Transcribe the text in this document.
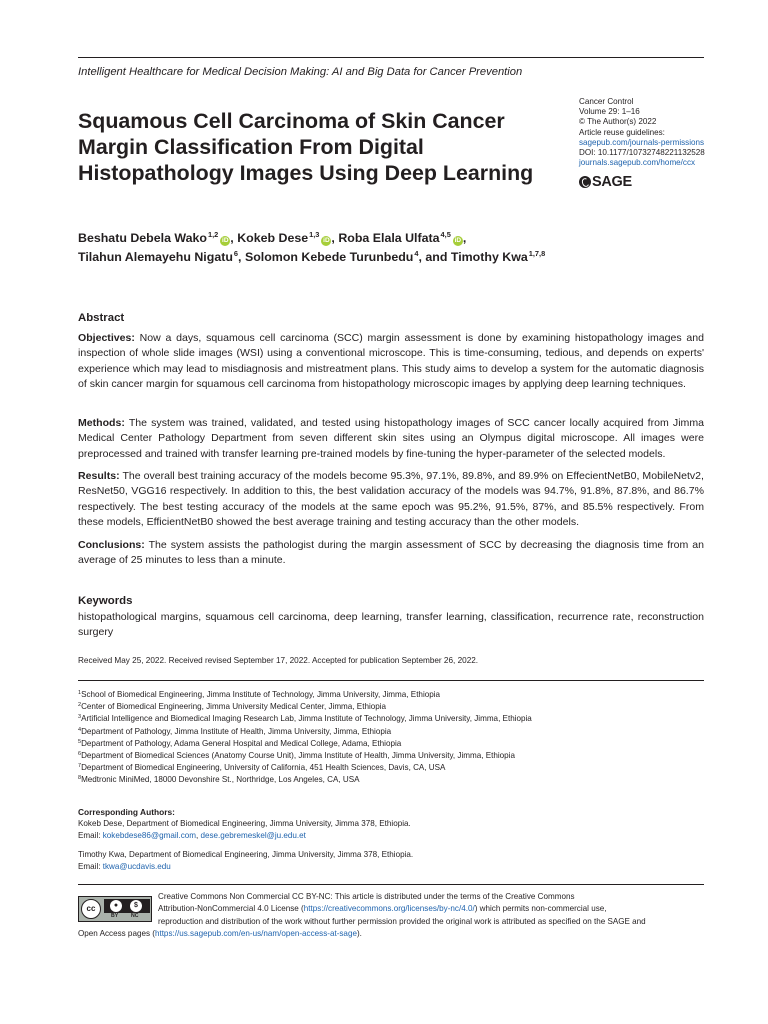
Intelligent Healthcare for Medical Decision Making: AI and Big Data for Cancer Prevention
Squamous Cell Carcinoma of Skin Cancer
Margin Classification From Digital
Histopathology Images Using Deep Learning
Cancer Control
Volume 29: 1–16
© The Author(s) 2022
Article reuse guidelines:
sagepub.com/journals-permissions
DOI: 10.1177/10732748221132528
journals.sagepub.com/home/ccx
SAGE
Beshatu Debela Wako$^{1,2}$iD , Kokeb Dese$^{1,3}$iD , Roba Elala Ulfata$^{4,5}$iD ,
Tilahun Alemayehu Nigatu$^6$, Solomon Kebede Turunbedu$^4$, and Timothy Kwa$^{1,7,8}$
Abstract
Objectives: Now a days, squamous cell carcinoma (SCC) margin assessment is done by examining histopathology images and inspection of whole slide images (WSI) using a conventional microscope. This is time-consuming, tedious, and depends on experts' experience which may lead to misdiagnosis and mistreatment plans. This study aims to develop a system for the automatic diagnosis of skin cancer margin for squamous cell carcinoma from histopathology microscopic images by applying deep learning techniques.
Methods: The system was trained, validated, and tested using histopathology images of SCC cancer locally acquired from Jimma Medical Center Pathology Department from seven different skin sites using an Olympus digital microscope. All images were preprocessed and trained with transfer learning pre-trained models by fine-tuning the hyper-parameter of the selected models.
Results: The overall best training accuracy of the models become 95.3%, 97.1%, 89.8%, and 89.9% on EffecientNetB0, MobileNetv2, ResNet50, VGG16 respectively. In addition to this, the best validation accuracy of the models was 94.7%, 91.8%, 87.8%, and 86.7% respectively. The best testing accuracy of the models at the same epoch was 95.2%, 91.5%, 87%, and 85.5% respectively. From these models, EfficientNetB0 showed the best average training and testing accuracy than the other models.
Conclusions: The system assists the pathologist during the margin assessment of SCC by decreasing the diagnosis time from an average of 25 minutes to less than a minute.
Keywords
histopathological margins, squamous cell carcinoma, deep learning, transfer learning, classification, recurrence rate, reconstruction surgery
Received May 25, 2022. Received revised September 17, 2022. Accepted for publication September 26, 2022.
$^1$School of Biomedical Engineering, Jimma Institute of Technology, Jimma University, Jimma, Ethiopia
$^2$Center of Biomedical Engineering, Jimma University Medical Center, Jimma, Ethiopia
$^3$Artificial Intelligence and Biomedical Imaging Research Lab, Jimma Institute of Technology, Jimma University, Jimma, Ethiopia
$^4$Department of Pathology, Jimma Institute of Health, Jimma University, Jimma, Ethiopia
$^5$Department of Pathology, Adama General Hospital and Medical College, Adama, Ethiopia
$^6$Department of Biomedical Sciences (Anatomy Course Unit), Jimma Institute of Health, Jimma University, Jimma, Ethiopia
$^7$Department of Biomedical Engineering, University of California, 451 Health Sciences, Davis, CA, USA
$^8$Medtronic MiniMed, 18000 Devonshire St., Northridge, Los Angeles, CA, USA
Corresponding Authors:
Kokeb Dese, Department of Biomedical Engineering, Jimma University, Jimma 378, Ethiopia.
Email: kokebdese86@gmail.com, dese.gebremeskel@ju.edu.et
Timothy Kwa, Department of Biomedical Engineering, Jimma University, Jimma 378, Ethiopia.
Email: tkwa@ucdavis.edu
cc	●	$
BY NC
Creative Commons Non Commercial CC BY-NC: This article is distributed under the terms of the Creative Commons
Attribution-NonCommercial 4.0 License (https://creativecommons.org/licenses/by-nc/4.0/) which permits non-commercial use,
reproduction and distribution of the work without further permission provided the original work is attributed as specified on the SAGE and
Open Access pages (https://us.sagepub.com/en-us/nam/open-access-at-sage).
